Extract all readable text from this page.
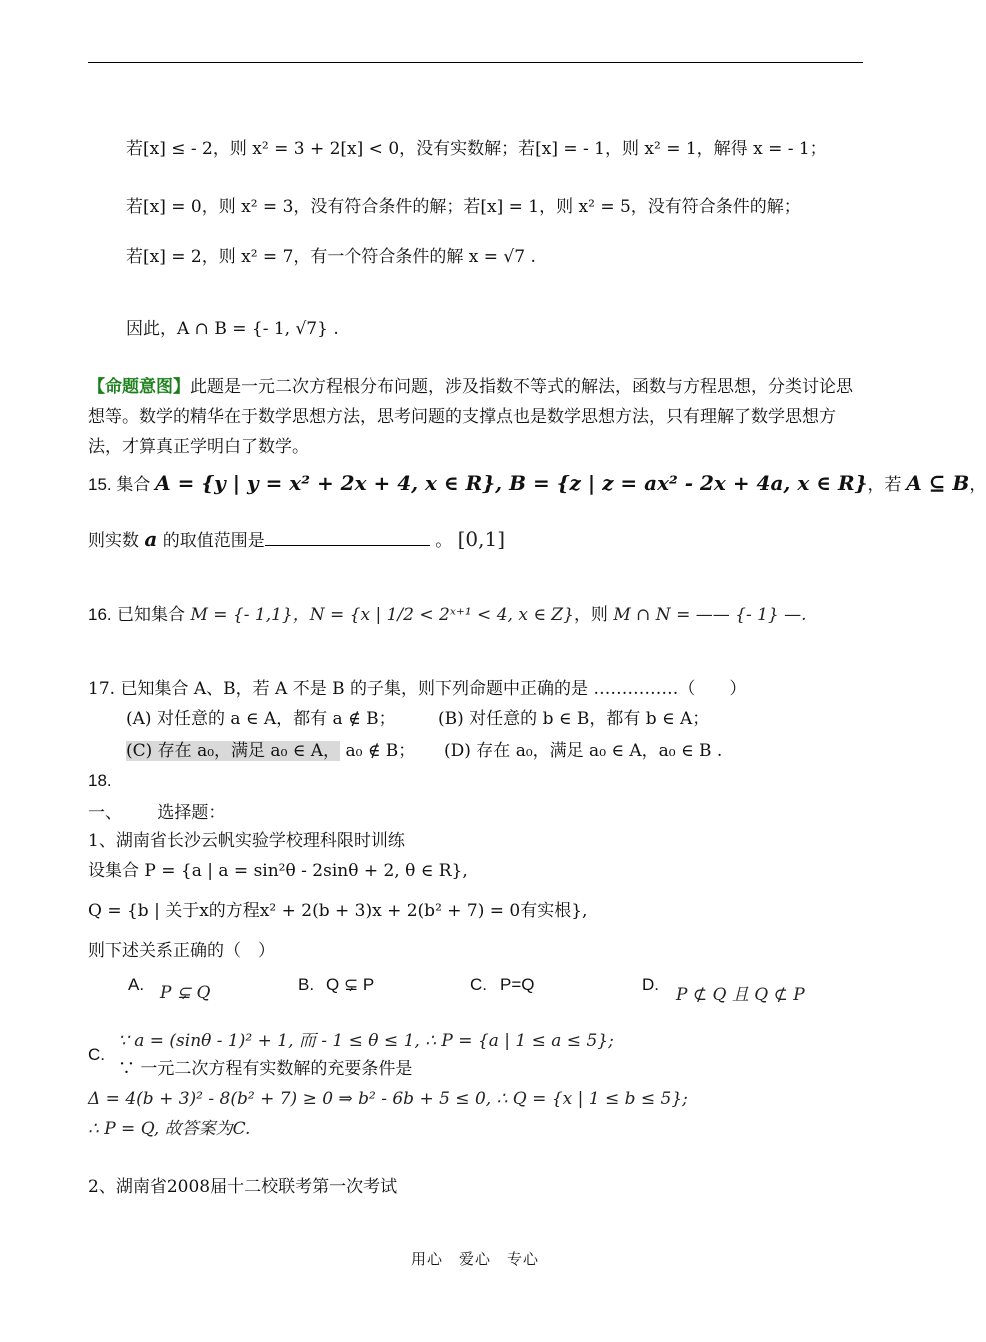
若[x] ≤ - 2，则 x² = 3 + 2[x] < 0，没有实数解；若[x] = - 1，则 x² = 1，解得 x = - 1；
若[x] = 0，则 x² = 3，没有符合条件的解；若[x] = 1，则 x² = 5，没有符合条件的解；
若[x] = 2，则 x² = 7，有一个符合条件的解 x = √7 .
因此，A ∩ B = {- 1, √7} .
【命题意图】此题是一元二次方程根分布问题，涉及指数不等式的解法，函数与方程思想，分类讨论思想等。数学的精华在于数学思想方法，思考问题的支撑点也是数学思想方法，只有理解了数学思想方法，才算真正学明白了数学。
15. 集合 A = {y | y = x² + 2x + 4, x ∈ R}, B = {z | z = ax² - 2x + 4a, x ∈ R}，若 A ⊆ B，
则实数 a 的取值范围是	。 [0,1]
16. 已知集合 M = {- 1,1}，N = {x | 1/2 < 2ˣ⁺¹ < 4, x ∈ Z}，则 M ∩ N = —— {- 1} —.
17. 已知集合 A、B，若 A 不是 B 的子集，则下列命题中正确的是 ……………（　　）
(A) 对任意的 a ∈ A，都有 a ∉ B； (B) 对任意的 b ∈ B，都有 b ∈ A；
(C) 存在 a₀，满足 a₀ ∈ A， a₀ ∉ B； (D) 存在 a₀，满足 a₀ ∈ A，a₀ ∈ B .
18.
一、 选择题：
1、湖南省长沙云帆实验学校理科限时训练
设集合 P = {a | a = sin²θ - 2sinθ + 2, θ ∈ R},
Q = {b | 关于x的方程x² + 2(b + 3)x + 2(b² + 7) = 0有实根},
则下述关系正确的（　）
A. P ⊊ Q	B. Q ⊊ P	C. P=Q	D.
P ⊄ Q 且 Q ⊄ P
C.
∵ a = (sinθ - 1)² + 1, 而 - 1 ≤ θ ≤ 1, ∴ P = {a | 1 ≤ a ≤ 5};
∵ 一元二次方程有实数解的充要条件是
Δ = 4(b + 3)² - 8(b² + 7) ≥ 0 ⇒ b² - 6b + 5 ≤ 0, ∴ Q = {x | 1 ≤ b ≤ 5};
∴ P = Q, 故答案为C.
2、湖南省2008届十二校联考第一次考试
用心　爱心　专心
